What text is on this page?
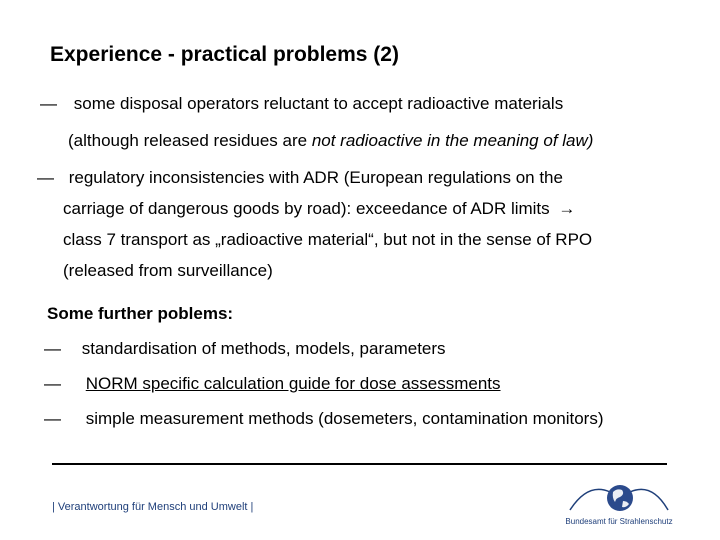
Experience - practical problems (2)
— some disposal operators reluctant to accept radioactive materials
(although released residues are not radioactive in the meaning of law)
— regulatory inconsistencies with ADR (European regulations on the
carriage of dangerous goods by road): exceedance of ADR limits →
class 7 transport as „radioactive material“, but not in the sense of RPO
(released from surveillance)
Some further poblems:
— standardisation of methods, models, parameters
— NORM specific calculation guide for dose assessments
— simple measurement methods (dosemeters, contamination monitors)
| Verantwortung für Mensch und Umwelt |
Bundesamt für Strahlenschutz
